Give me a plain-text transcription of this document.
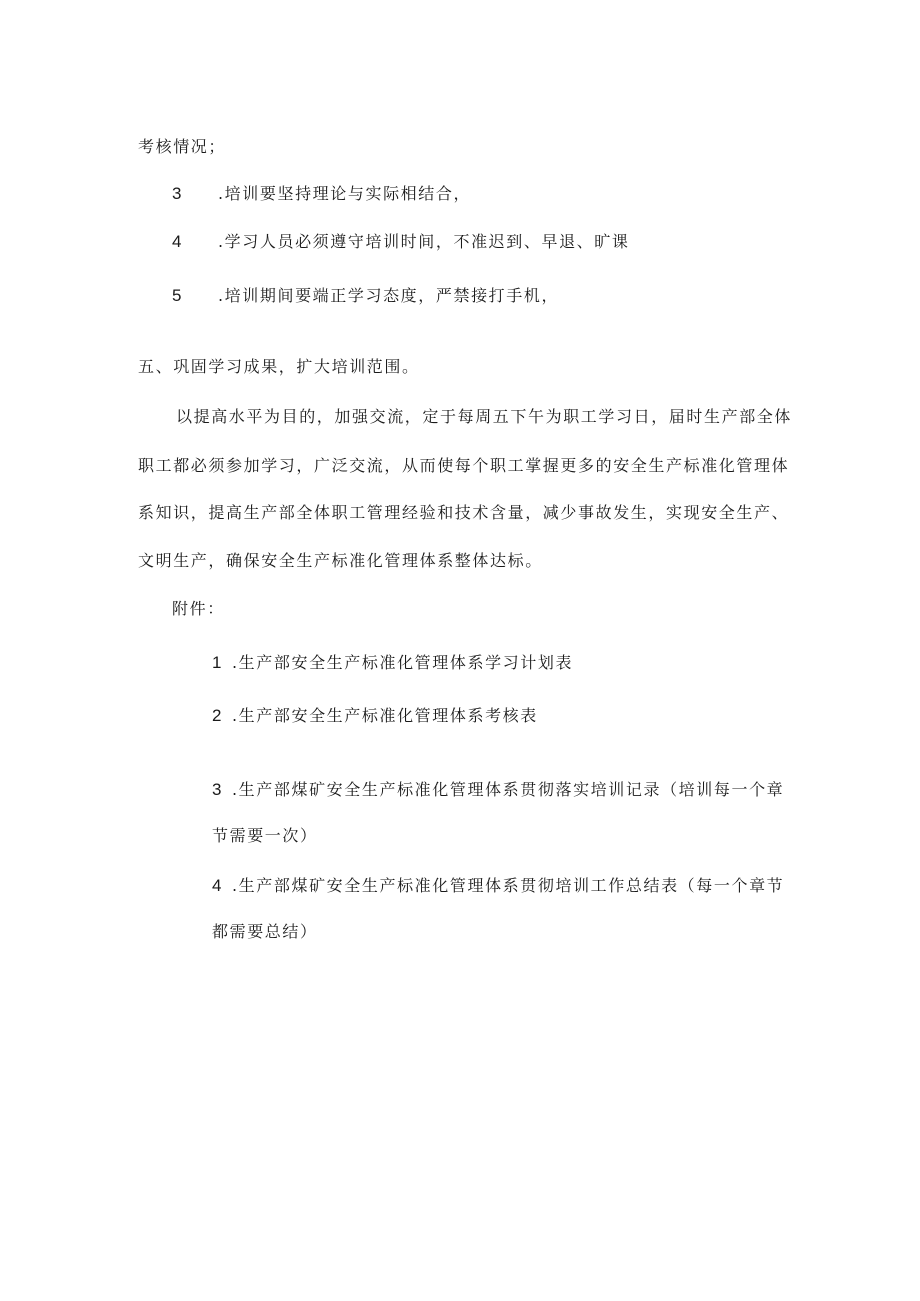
考核情况；
3 .培训要坚持理论与实际相结合，
4 .学习人员必须遵守培训时间，不准迟到、早退、旷课
5 .培训期间要端正学习态度，严禁接打手机，
五、巩固学习成果，扩大培训范围。
以提高水平为目的，加强交流，定于每周五下午为职工学习日，届时生产部全体
职工都必须参加学习，广泛交流，从而使每个职工掌握更多的安全生产标准化管理体
系知识，提高生产部全体职工管理经验和技术含量，减少事故发生，实现安全生产、
文明生产，确保安全生产标准化管理体系整体达标。
附件：
1 .生产部安全生产标准化管理体系学习计划表
2 .生产部安全生产标准化管理体系考核表
3 .生产部煤矿安全生产标准化管理体系贯彻落实培训记录（培训每一个章
节需要一次）
4 .生产部煤矿安全生产标准化管理体系贯彻培训工作总结表（每一个章节
都需要总结）
